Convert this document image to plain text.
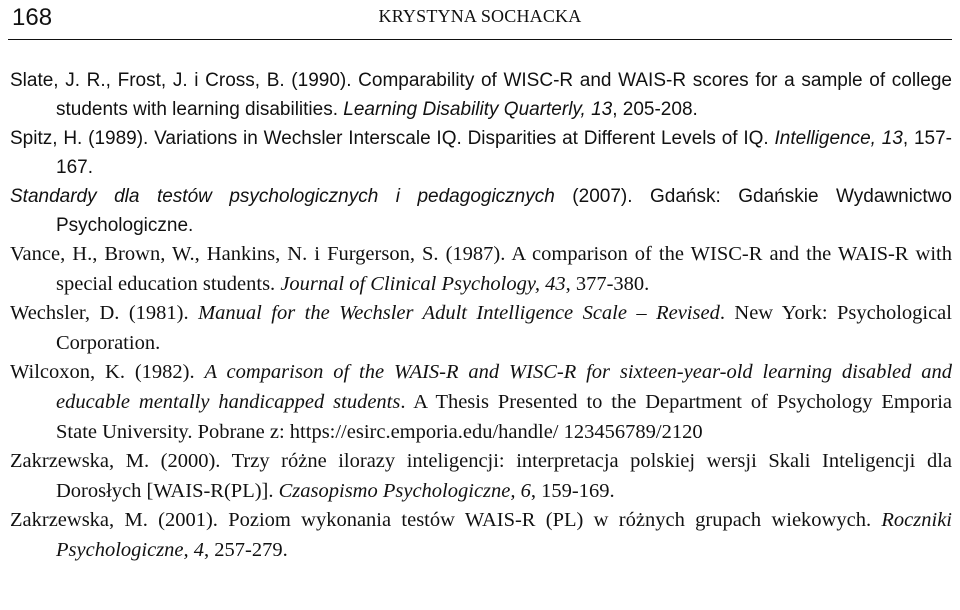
168	KRYSTYNA SOCHACKA
Slate, J. R., Frost, J. i Cross, B. (1990). Comparability of WISC-R and WAIS-R scores for a sample of college students with learning disabilities. Learning Disability Quarterly, 13, 205-208.
Spitz, H. (1989). Variations in Wechsler Interscale IQ. Disparities at Different Levels of IQ. Intelligence, 13, 157-167.
Standardy dla testów psychologicznych i pedagogicznych (2007). Gdańsk: Gdańskie Wydawnictwo Psychologiczne.
Vance, H., Brown, W., Hankins, N. i Furgerson, S. (1987). A comparison of the WISC-R and the WAIS-R with special education students. Journal of Clinical Psychology, 43, 377-380.
Wechsler, D. (1981). Manual for the Wechsler Adult Intelligence Scale – Revised. New York: Psychological Corporation.
Wilcoxon, K. (1982). A comparison of the WAIS-R and WISC-R for sixteen-year-old learning disabled and educable mentally handicapped students. A Thesis Presented to the Department of Psychology Emporia State University. Pobrane z: https://esirc.emporia.edu/handle/ 123456789/2120
Zakrzewska, M. (2000). Trzy różne ilorazy inteligencji: interpretacja polskiej wersji Skali Inteligencji dla Dorosłych [WAIS-R(PL)]. Czasopismo Psychologiczne, 6, 159-169.
Zakrzewska, M. (2001). Poziom wykonania testów WAIS-R (PL) w różnych grupach wiekowych. Roczniki Psychologiczne, 4, 257-279.
